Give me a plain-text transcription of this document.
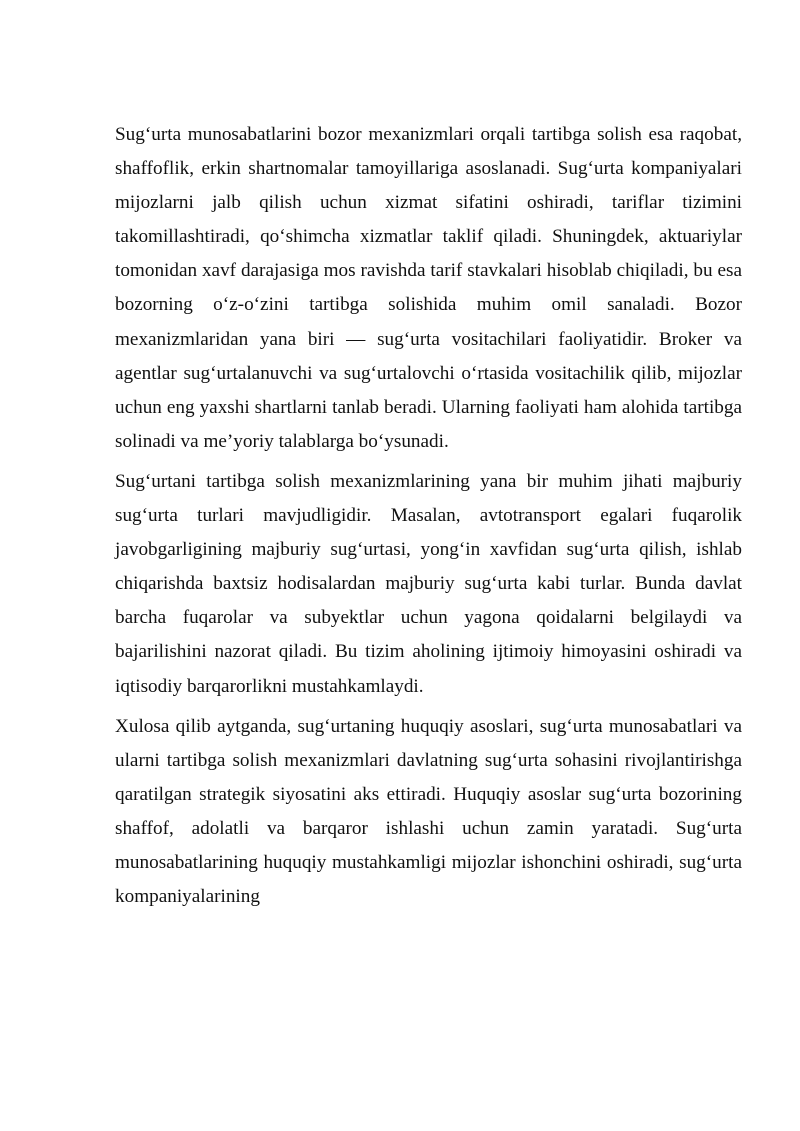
Sug‘urta munosabatlarini bozor mexanizmlari orqali tartibga solish esa raqobat, shaffoflik, erkin shartnomalar tamoyillariga asoslanadi. Sug‘urta kompaniyalari mijozlarni jalb qilish uchun xizmat sifatini oshiradi, tariflar tizimini takomillashtiradi, qo‘shimcha xizmatlar taklif qiladi. Shuningdek, aktuariylar tomonidan xavf darajasiga mos ravishda tarif stavkalari hisoblab chiqiladi, bu esa bozorning o‘z-o‘zini tartibga solishida muhim omil sanaladi. Bozor mexanizmlaridan yana biri — sug‘urta vositachilari faoliyatidir. Broker va agentlar sug‘urtalanuvchi va sug‘urtalovchi o‘rtasida vositachilik qilib, mijozlar uchun eng yaxshi shartlarni tanlab beradi. Ularning faoliyati ham alohida tartibga solinadi va me’yoriy talablarga bo‘ysunadi.

Sug‘urtani tartibga solish mexanizmlarining yana bir muhim jihati majburiy sug‘urta turlari mavjudligidir. Masalan, avtotransport egalari fuqarolik javobgarligining majburiy sug‘urtasi, yong‘in xavfidan sug‘urta qilish, ishlab chiqarishda baxtsiz hodisalardan majburiy sug‘urta kabi turlar. Bunda davlat barcha fuqarolar va subyektlar uchun yagona qoidalarni belgilaydi va bajarilishini nazorat qiladi. Bu tizim aholining ijtimoiy himoyasini oshiradi va iqtisodiy barqarorlikni mustahkamlaydi.

Xulosa qilib aytganda, sug‘urtaning huquqiy asoslari, sug‘urta munosabatlari va ularni tartibga solish mexanizmlari davlatning sug‘urta sohasini rivojlantirishga qaratilgan strategik siyosatini aks ettiradi. Huquqiy asoslar sug‘urta bozorining shaffof, adolatli va barqaror ishlashi uchun zamin yaratadi. Sug‘urta munosabatlarining huquqiy mustahkamligi mijozlar ishonchini oshiradi, sug‘urta kompaniyalarining
